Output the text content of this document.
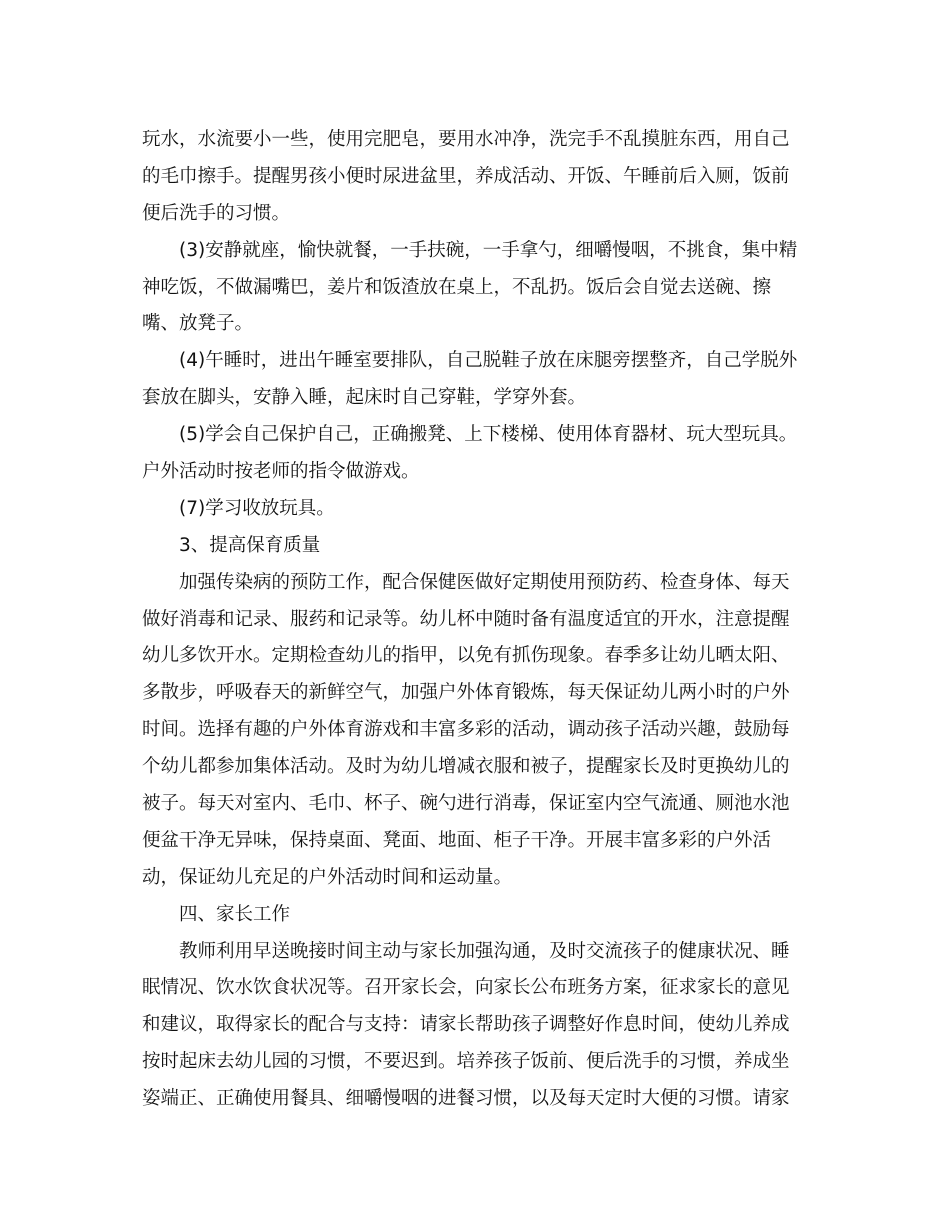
玩水，水流要小一些，使用完肥皂，要用水冲净，洗完手不乱摸脏东西，用自己
的毛巾擦手。提醒男孩小便时尿进盆里，养成活动、开饭、午睡前后入厕，饭前
便后洗手的习惯。
(3)安静就座，愉快就餐，一手扶碗，一手拿勺，细嚼慢咽，不挑食，集中精
神吃饭，不做漏嘴巴，姜片和饭渣放在桌上，不乱扔。饭后会自觉去送碗、擦
嘴、放凳子。
(4)午睡时，进出午睡室要排队，自己脱鞋子放在床腿旁摆整齐，自己学脱外
套放在脚头，安静入睡，起床时自己穿鞋，学穿外套。
(5)学会自己保护自己，正确搬凳、上下楼梯、使用体育器材、玩大型玩具。
户外活动时按老师的指令做游戏。
(7)学习收放玩具。
3、提高保育质量
加强传染病的预防工作，配合保健医做好定期使用预防药、检查身体、每天
做好消毒和记录、服药和记录等。幼儿杯中随时备有温度适宜的开水，注意提醒
幼儿多饮开水。定期检查幼儿的指甲，以免有抓伤现象。春季多让幼儿晒太阳、
多散步，呼吸春天的新鲜空气，加强户外体育锻炼，每天保证幼儿两小时的户外
时间。选择有趣的户外体育游戏和丰富多彩的活动，调动孩子活动兴趣，鼓励每
个幼儿都参加集体活动。及时为幼儿增减衣服和被子，提醒家长及时更换幼儿的
被子。每天对室内、毛巾、杯子、碗勺进行消毒，保证室内空气流通、厕池水池
便盆干净无异味，保持桌面、凳面、地面、柜子干净。开展丰富多彩的户外活
动，保证幼儿充足的户外活动时间和运动量。
四、家长工作
教师利用早送晚接时间主动与家长加强沟通，及时交流孩子的健康状况、睡
眠情况、饮水饮食状况等。召开家长会，向家长公布班务方案，征求家长的意见
和建议，取得家长的配合与支持：请家长帮助孩子调整好作息时间，使幼儿养成
按时起床去幼儿园的习惯，不要迟到。培养孩子饭前、便后洗手的习惯，养成坐
姿端正、正确使用餐具、细嚼慢咽的进餐习惯，以及每天定时大便的习惯。请家
